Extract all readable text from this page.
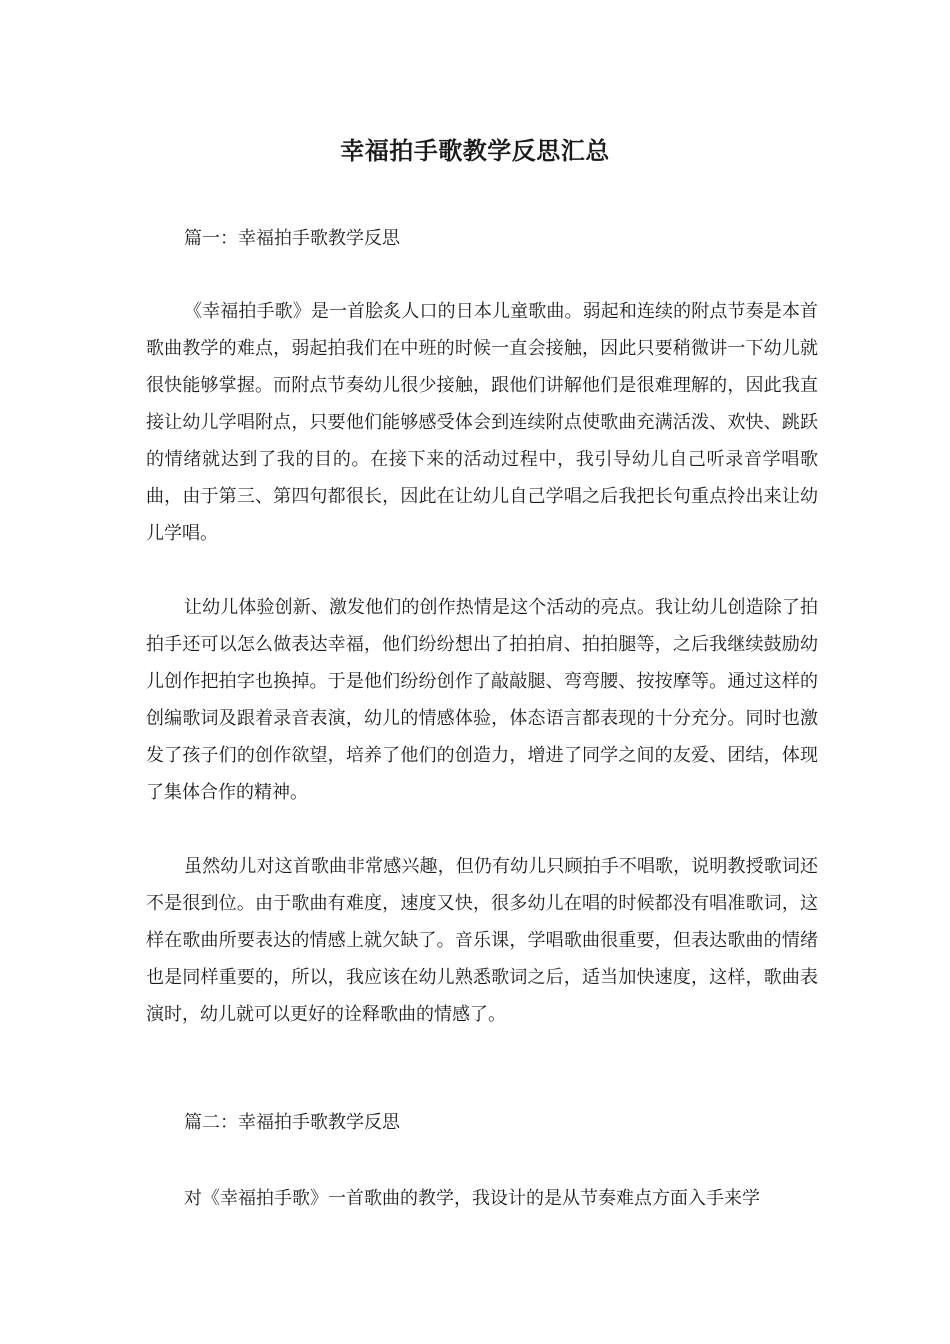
幸福拍手歌教学反思汇总

篇一：幸福拍手歌教学反思

《幸福拍手歌》是一首脍炙人口的日本儿童歌曲。弱起和连续的附点节奏是本首歌曲教学的难点，弱起拍我们在中班的时候一直会接触，因此只要稍微讲一下幼儿就很快能够掌握。而附点节奏幼儿很少接触，跟他们讲解他们是很难理解的，因此我直接让幼儿学唱附点，只要他们能够感受体会到连续附点使歌曲充满活泼、欢快、跳跃的情绪就达到了我的目的。在接下来的活动过程中，我引导幼儿自己听录音学唱歌曲，由于第三、第四句都很长，因此在让幼儿自己学唱之后我把长句重点拎出来让幼儿学唱。

让幼儿体验创新、激发他们的创作热情是这个活动的亮点。我让幼儿创造除了拍拍手还可以怎么做表达幸福，他们纷纷想出了拍拍肩、拍拍腿等，之后我继续鼓励幼儿创作把拍字也换掉。于是他们纷纷创作了敲敲腿、弯弯腰、按按摩等。通过这样的创编歌词及跟着录音表演，幼儿的情感体验，体态语言都表现的十分充分。同时也激发了孩子们的创作欲望，培养了他们的创造力，增进了同学之间的友爱、团结，体现了集体合作的精神。

虽然幼儿对这首歌曲非常感兴趣，但仍有幼儿只顾拍手不唱歌，说明教授歌词还不是很到位。由于歌曲有难度，速度又快，很多幼儿在唱的时候都没有唱准歌词，这样在歌曲所要表达的情感上就欠缺了。音乐课，学唱歌曲很重要，但表达歌曲的情绪也是同样重要的，所以，我应该在幼儿熟悉歌词之后，适当加快速度，这样，歌曲表演时，幼儿就可以更好的诠释歌曲的情感了。

篇二：幸福拍手歌教学反思

对《幸福拍手歌》一首歌曲的教学，我设计的是从节奏难点方面入手来学
